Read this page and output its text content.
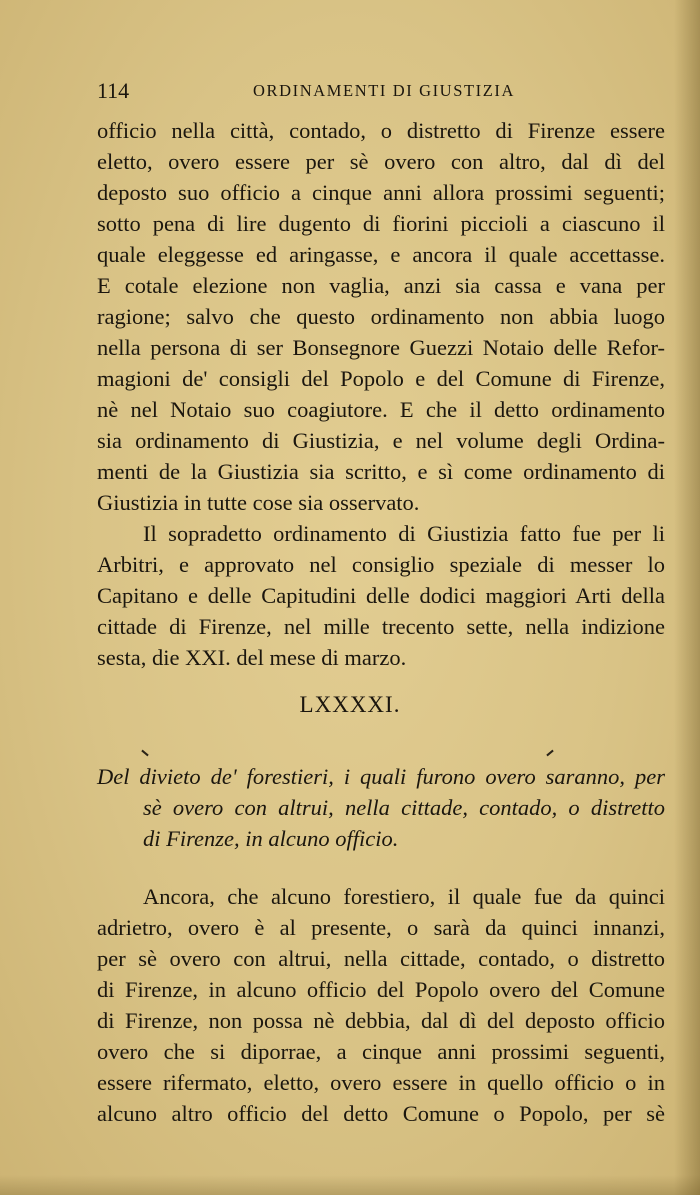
114	ORDINAMENTI DI GIUSTIZIA
officio nella città, contado, o distretto di Firenze essere
eletto, overo essere per sè overo con altro, dal dì del
deposto suo officio a cinque anni allora prossimi seguenti;
sotto pena di lire dugento di fiorini piccioli a ciascuno il
quale eleggesse ed aringasse, e ancora il quale accettasse.
E cotale elezione non vaglia, anzi sia cassa e vana per
ragione; salvo che questo ordinamento non abbia luogo
nella persona di ser Bonsegnore Guezzi Notaio delle Refor-
magioni de' consigli del Popolo e del Comune di Firenze,
nè nel Notaio suo coagiutore. E che il detto ordinamento
sia ordinamento di Giustizia, e nel volume degli Ordina-
menti de la Giustizia sia scritto, e sì come ordinamento di
Giustizia in tutte cose sia osservato.
Il sopradetto ordinamento di Giustizia fatto fue per li
Arbitri, e approvato nel consiglio speziale di messer lo
Capitano e delle Capitudini delle dodici maggiori Arti della
cittade di Firenze, nel mille trecento sette, nella indizione
sesta, die XXI. del mese di marzo.
LXXXXI.
Del divieto de' forestieri, i quali furono overo saranno, per
sè overo con altrui, nella cittade, contado, o distretto
di Firenze, in alcuno officio.
Ancora, che alcuno forestiero, il quale fue da quinci
adrietro, overo è al presente, o sarà da quinci innanzi,
per sè overo con altrui, nella cittade, contado, o distretto
di Firenze, in alcuno officio del Popolo overo del Comune
di Firenze, non possa nè debbia, dal dì del deposto officio
overo che si diporrae, a cinque anni prossimi seguenti,
essere rifermato, eletto, overo essere in quello officio o in
alcuno altro officio del detto Comune o Popolo, per sè
